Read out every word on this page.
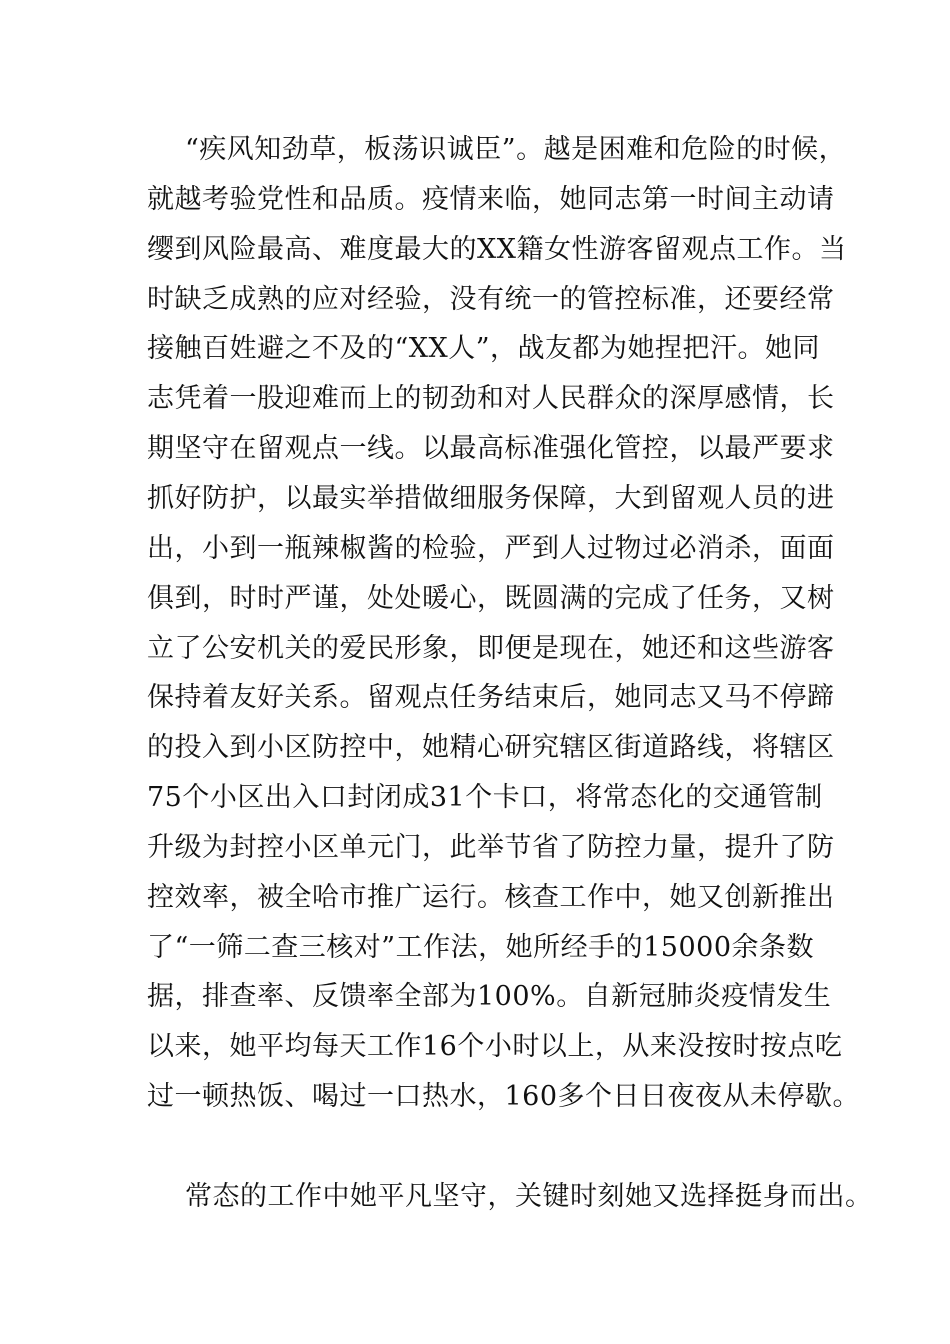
“疾风知劲草，板荡识诚臣”。越是困难和危险的时候，
就越考验党性和品质。疫情来临，她同志第一时间主动请
缨到风险最高、难度最大的XX籍女性游客留观点工作。当
时缺乏成熟的应对经验，没有统一的管控标准，还要经常
接触百姓避之不及的“XX人”，战友都为她捏把汗。她同
志凭着一股迎难而上的韧劲和对人民群众的深厚感情，长
期坚守在留观点一线。以最高标准强化管控，以最严要求
抓好防护，以最实举措做细服务保障，大到留观人员的进
出，小到一瓶辣椒酱的检验，严到人过物过必消杀，面面
俱到，时时严谨，处处暖心，既圆满的完成了任务，又树
立了公安机关的爱民形象，即便是现在，她还和这些游客
保持着友好关系。留观点任务结束后，她同志又马不停蹄
的投入到小区防控中，她精心研究辖区街道路线，将辖区
75个小区出入口封闭成31个卡口，将常态化的交通管制
升级为封控小区单元门，此举节省了防控力量，提升了防
控效率，被全哈市推广运行。核查工作中，她又创新推出
了“一筛二查三核对”工作法，她所经手的15000余条数
据，排查率、反馈率全部为100%。自新冠肺炎疫情发生
以来，她平均每天工作16个小时以上，从来没按时按点吃
过一顿热饭、喝过一口热水，160多个日日夜夜从未停歇。
常态的工作中她平凡坚守，关键时刻她又选择挺身而出。
